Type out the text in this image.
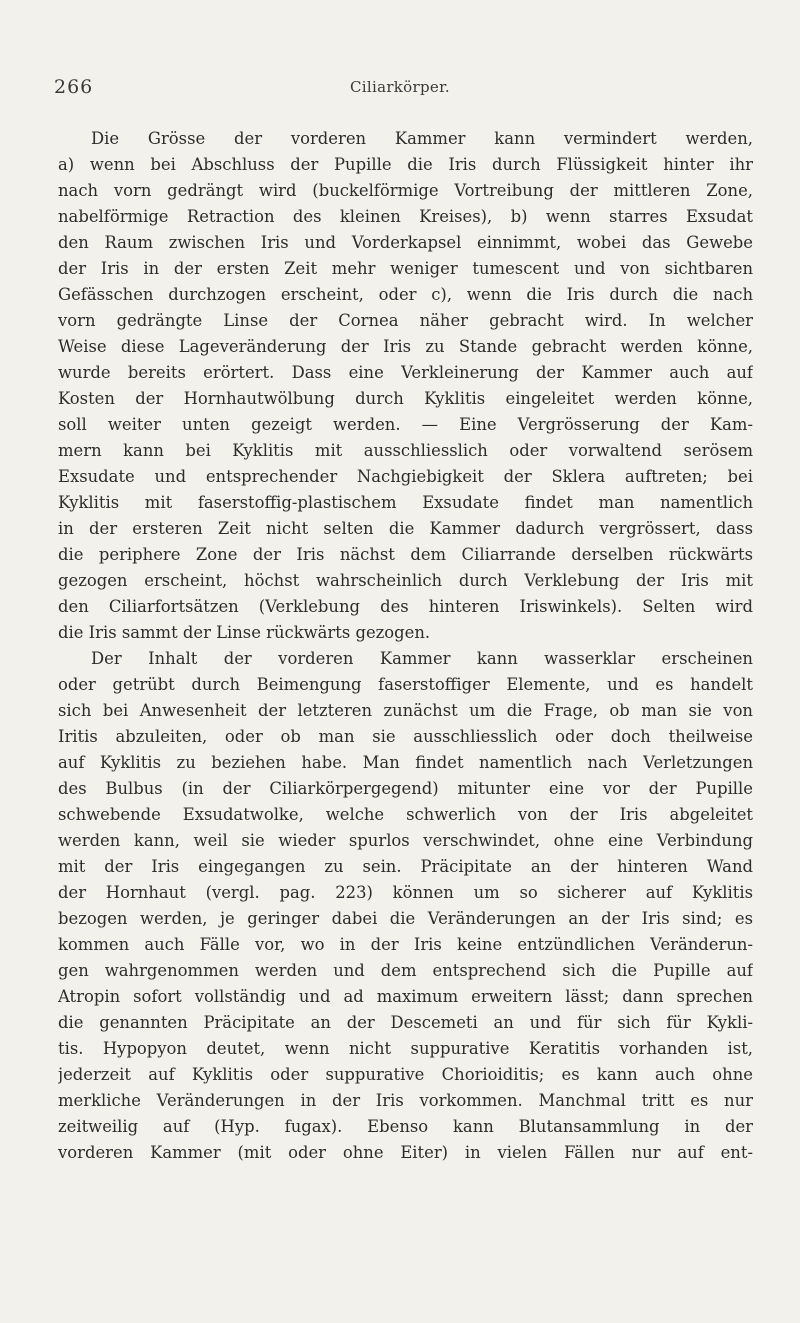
266	Ciliarkörper.
Die Grösse der vorderen Kammer kann vermindert werden,
a) wenn bei Abschluss der Pupille die Iris durch Flüssigkeit hinter ihr
nach vorn gedrängt wird (buckelförmige Vortreibung der mittleren Zone,
nabelförmige Retraction des kleinen Kreises), b) wenn starres Exsudat
den Raum zwischen Iris und Vorderkapsel einnimmt, wobei das Gewebe
der Iris in der ersten Zeit mehr weniger tumescent und von sichtbaren
Gefässchen durchzogen erscheint, oder c), wenn die Iris durch die nach
vorn gedrängte Linse der Cornea näher gebracht wird. In welcher
Weise diese Lageveränderung der Iris zu Stande gebracht werden könne,
wurde bereits erörtert. Dass eine Verkleinerung der Kammer auch auf
Kosten der Hornhautwölbung durch Kyklitis eingeleitet werden könne,
soll weiter unten gezeigt werden. — Eine Vergrösserung der Kam-
mern kann bei Kyklitis mit ausschliesslich oder vorwaltend serösem
Exsudate und entsprechender Nachgiebigkeit der Sklera auftreten; bei
Kyklitis mit faserstoffig-plastischem Exsudate findet man namentlich
in der ersteren Zeit nicht selten die Kammer dadurch vergrössert, dass
die periphere Zone der Iris nächst dem Ciliarrande derselben rückwärts
gezogen erscheint, höchst wahrscheinlich durch Verklebung der Iris mit
den Ciliarfortsätzen (Verklebung des hinteren Iriswinkels). Selten wird
die Iris sammt der Linse rückwärts gezogen.
Der Inhalt der vorderen Kammer kann wasserklar erscheinen
oder getrübt durch Beimengung faserstoffiger Elemente, und es handelt
sich bei Anwesenheit der letzteren zunächst um die Frage, ob man sie von
Iritis abzuleiten, oder ob man sie ausschliesslich oder doch theilweise
auf Kyklitis zu beziehen habe. Man findet namentlich nach Verletzungen
des Bulbus (in der Ciliarkörpergegend) mitunter eine vor der Pupille
schwebende Exsudatwolke, welche schwerlich von der Iris abgeleitet
werden kann, weil sie wieder spurlos verschwindet, ohne eine Verbindung
mit der Iris eingegangen zu sein. Präcipitate an der hinteren Wand
der Hornhaut (vergl. pag. 223) können um so sicherer auf Kyklitis
bezogen werden, je geringer dabei die Veränderungen an der Iris sind; es
kommen auch Fälle vor, wo in der Iris keine entzündlichen Veränderun-
gen wahrgenommen werden und dem entsprechend sich die Pupille auf
Atropin sofort vollständig und ad maximum erweitern lässt; dann sprechen
die genannten Präcipitate an der Descemeti an und für sich für Kykli-
tis. Hypopyon deutet, wenn nicht suppurative Keratitis vorhanden ist,
jederzeit auf Kyklitis oder suppurative Chorioiditis; es kann auch ohne
merkliche Veränderungen in der Iris vorkommen. Manchmal tritt es nur
zeitweilig auf (Hyp. fugax). Ebenso kann Blutansammlung in der
vorderen Kammer (mit oder ohne Eiter) in vielen Fällen nur auf ent-
